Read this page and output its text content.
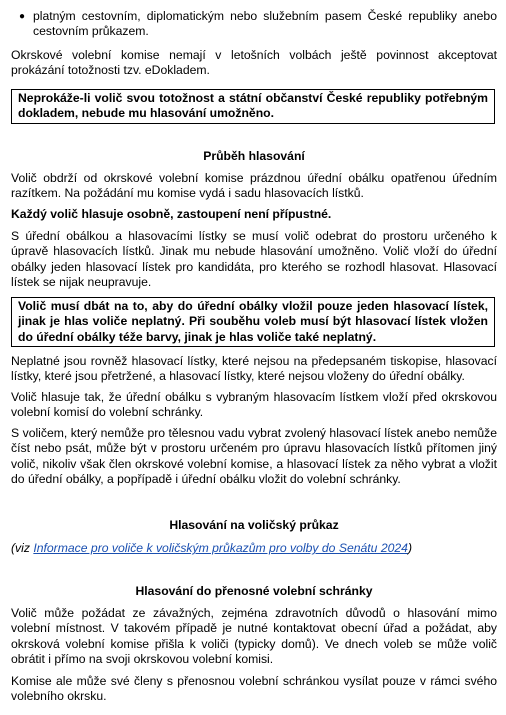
● platným cestovním, diplomatickým nebo služebním pasem České republiky anebo cestovním průkazem.

Okrskové volební komise nemají v letošních volbách ještě povinnost akceptovat prokázání totožnosti tzv. eDokladem.

Neprokáže-li volič svou totožnost a státní občanství České republiky potřebným dokladem, nebude mu hlasování umožněno.

Průběh hlasování

Volič obdrží od okrskové volební komise prázdnou úřední obálku opatřenou úředním razítkem. Na požádání mu komise vydá i sadu hlasovacích lístků.

Každý volič hlasuje osobně, zastoupení není přípustné.

S úřední obálkou a hlasovacími lístky se musí volič odebrat do prostoru určeného k úpravě hlasovacích lístků. Jinak mu nebude hlasování umožněno. Volič vloží do úřední obálky jeden hlasovací lístek pro kandidáta, pro kterého se rozhodl hlasovat. Hlasovací lístek se nijak neupravuje.

Volič musí dbát na to, aby do úřední obálky vložil pouze jeden hlasovací lístek, jinak je hlas voliče neplatný. Při souběhu voleb musí být hlasovací lístek vložen do úřední obálky téže barvy, jinak je hlas voliče také neplatný.

Neplatné jsou rovněž hlasovací lístky, které nejsou na předepsaném tiskopise, hlasovací lístky, které jsou přetržené, a hlasovací lístky, které nejsou vloženy do úřední obálky.

Volič hlasuje tak, že úřední obálku s vybraným hlasovacím lístkem vloží před okrskovou volební komisí do volební schránky.

S voličem, který nemůže pro tělesnou vadu vybrat zvolený hlasovací lístek anebo nemůže číst nebo psát, může být v prostoru určeném pro úpravu hlasovacích lístků přítomen jiný volič, nikoliv však člen okrskové volební komise, a hlasovací lístek za něho vybrat a vložit do úřední obálky, a popřípadě i úřední obálku vložit do volební schránky.

Hlasování na voličský průkaz

(viz Informace pro voliče k voličským průkazům pro volby do Senátu 2024)

Hlasování do přenosné volební schránky

Volič může požádat ze závažných, zejména zdravotních důvodů o hlasování mimo volební místnost. V takovém případě je nutné kontaktovat obecní úřad a požádat, aby okrsková volební komise přišla k voliči (typicky domů). Ve dnech voleb se může volič obrátit i přímo na svoji okrskovou volební komisi.

Komise ale může své členy s přenosnou volební schránkou vysílat pouze v rámci svého volebního okrsku.
